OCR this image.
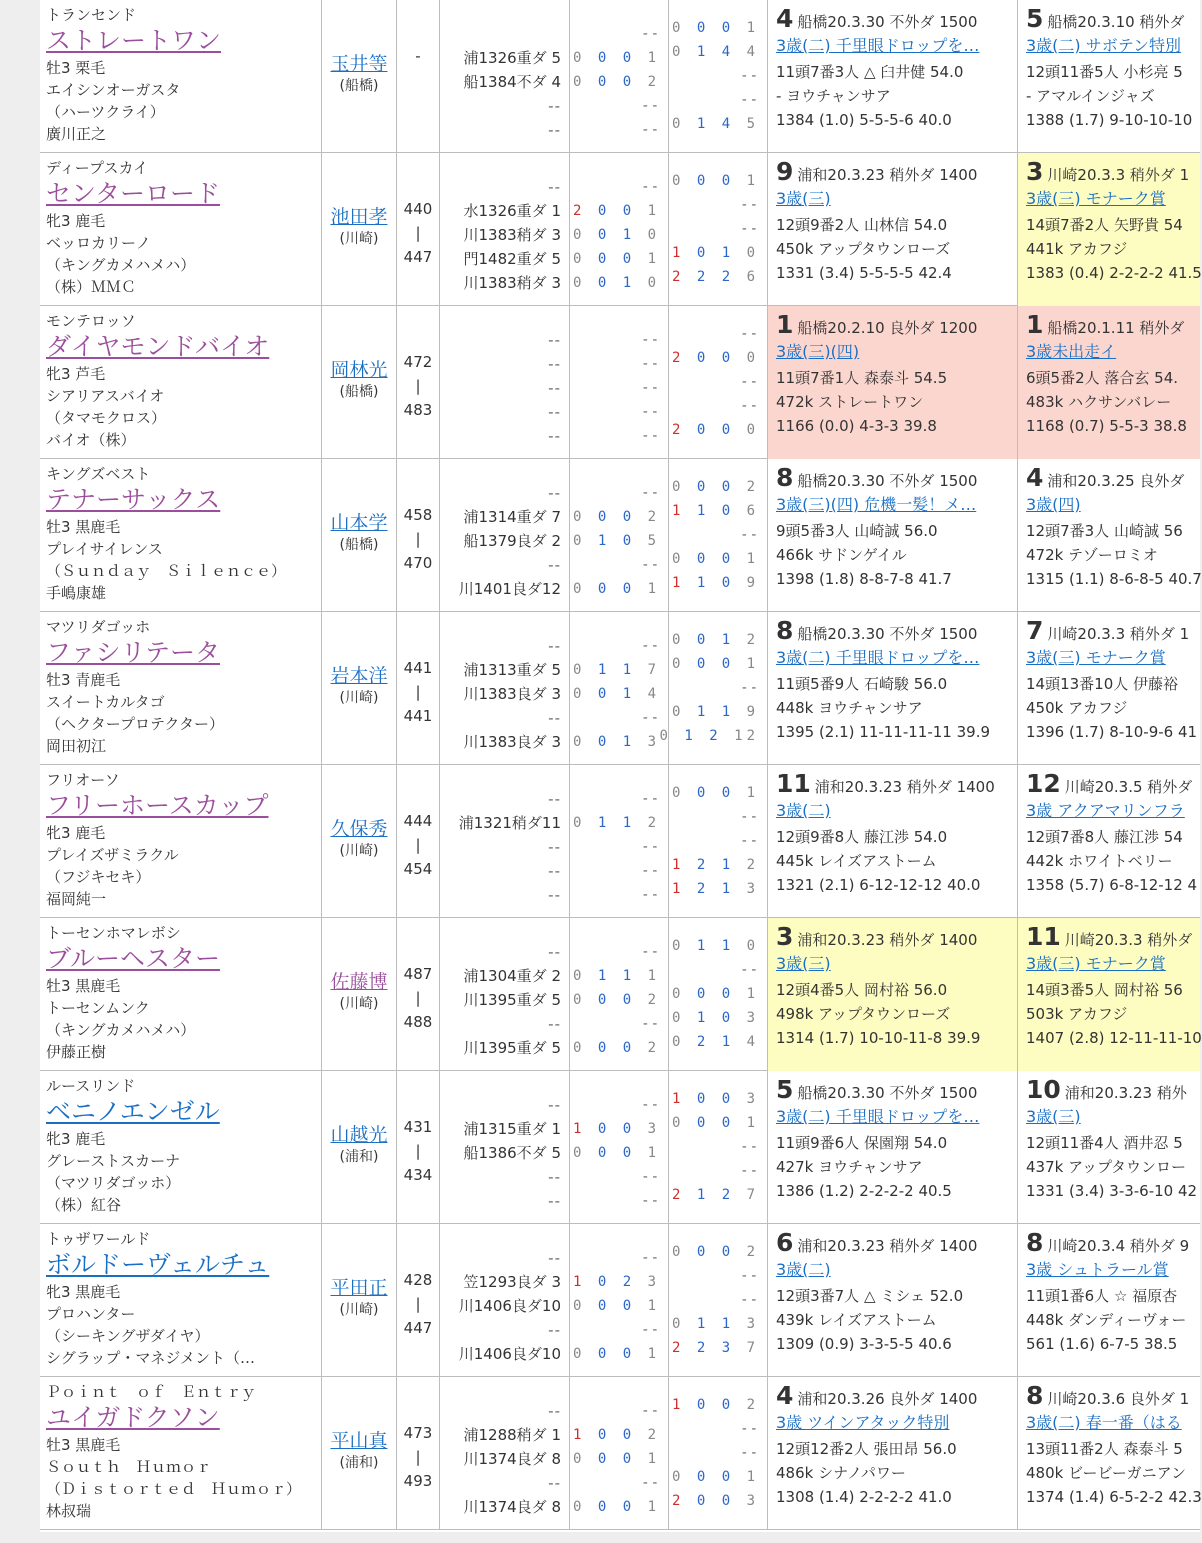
トランセンド
ストレートワン
牡3 栗毛
エイシンオーガスタ
（ハーツクライ）
廣川正之
玉井等
(船橋)
-	浦1326重ダ 5
船1384不ダ 4
--
--
--
0 0 0 1
0 0 0 2
--
--
0 0 0 1
0 1 4 4
--
--
0 1 4 5
4 船橋20.3.30 不外ダ 1500
3歳(二) 千里眼ドロップを…
11頭7番3人 △ 臼井健 54.0
- ヨウチャンサア
1384 (1.0) 5-5-5-6 40.0
5 船橋20.3.10 稍外ダ
3歳(二) サボテン特別
12頭11番5人 小杉亮 5
- アマルインジャズ
1388 (1.7) 9-10-10-10
ディープスカイ
センターロード
牝3 鹿毛
ベッロカリーノ
（キングカメハメハ）
（株）ＭＭＣ
池田孝
(川崎)
440
|
447
--
水1326重ダ 1
川1383稍ダ 3
門1482重ダ 5
川1383稍ダ 3
--
2 0 0 1
0 0 1 0
0 0 0 1
0 0 1 0
0 0 0 1
--
--
1 0 1 0
2 2 2 6
9 浦和20.3.23 稍外ダ 1400
3歳(三)
12頭9番2人 山林信 54.0
450k アップタウンローズ
1331 (3.4) 5-5-5-5 42.4
3 川崎20.3.3 稍外ダ 1
3歳(三) モナーク賞
14頭7番2人 矢野貴 54
441k アカフジ
1383 (0.4) 2-2-2-2 41.5
モンテロッソ
ダイヤモンドバイオ
牝3 芦毛
シアリアスバイオ
（タマモクロス）
バイオ（株）
岡林光
(船橋)
472
|
483
--
--
--
--
--
--
--
--
--
--
--
2 0 0 0
--
--
2 0 0 0
1 船橋20.2.10 良外ダ 1200
3歳(三)(四)
11頭7番1人 森泰斗 54.5
472k ストレートワン
1166 (0.0) 4-3-3 39.8
1 船橋20.1.11 稍外ダ
3歳未出走イ
6頭5番2人 落合玄 54.
483k ハクサンバレー
1168 (0.7) 5-5-3 38.8
キングズベスト
テナーサックス
牡3 黒鹿毛
プレイサイレンス
（Ｓｕｎｄａｙ　Ｓｉｌｅｎｃｅ）
手嶋康雄
山本学
(船橋)
458
|
470
--
浦1314重ダ 7
船1379良ダ 2
--
川1401良ダ12
--
0 0 0 2
0 1 0 5
--
0 0 0 1
0 0 0 2
1 1 0 6
--
0 0 0 1
1 1 0 9
8 船橋20.3.30 不外ダ 1500
3歳(三)(四) 危機一髪！メ…
9頭5番3人 山崎誠 56.0
466k サドンゲイル
1398 (1.8) 8-8-7-8 41.7
4 浦和20.3.25 良外ダ
3歳(四)
12頭7番3人 山崎誠 56
472k テゾーロミオ
1315 (1.1) 8-6-8-5 40.7
マツリダゴッホ
ファシリテータ
牡3 青鹿毛
スイートカルタゴ
（ヘクタープロテクター）
岡田初江
岩本洋
(川崎)
441
|
441
--
浦1313重ダ 5
川1383良ダ 3
--
川1383良ダ 3
--
0 1 1 7
0 0 1 4
--
0 0 1 3
0 0 1 2
0 0 0 1
--
0 1 1 9
0 1 2 12
8 船橋20.3.30 不外ダ 1500
3歳(二) 千里眼ドロップを…
11頭5番9人 石崎駿 56.0
448k ヨウチャンサア
1395 (2.1) 11-11-11-11 39.9
7 川崎20.3.3 稍外ダ 1
3歳(三) モナーク賞
14頭13番10人 伊藤裕
450k アカフジ
1396 (1.7) 8-10-9-6 41
フリオーソ
フリーホースカップ
牝3 鹿毛
プレイズザミラクル
（フジキセキ）
福岡純一
久保秀
(川崎)
444
|
454
--
浦1321稍ダ11
--
--
--
--
0 1 1 2
--
--
--
0 0 0 1
--
--
1 2 1 2
1 2 1 3
11 浦和20.3.23 稍外ダ 1400
3歳(二)
12頭9番8人 藤江渉 54.0
445k レイズアストーム
1321 (2.1) 6-12-12-12 40.0
12 川崎20.3.5 稍外ダ
3歳 アクアマリンフラ
12頭7番8人 藤江渉 54
442k ホワイトベリー
1358 (5.7) 6-8-12-12 4
トーセンホマレボシ
ブルーヘスター
牡3 黒鹿毛
トーセンムンク
（キングカメハメハ）
伊藤正樹
佐藤博
(川崎)
487
|
488
--
浦1304重ダ 2
川1395重ダ 5
--
川1395重ダ 5
--
0 1 1 1
0 0 0 2
--
0 0 0 2
0 1 1 0
--
0 0 0 1
0 1 0 3
0 2 1 4
3 浦和20.3.23 稍外ダ 1400
3歳(三)
12頭4番5人 岡村裕 56.0
498k アップタウンローズ
1314 (1.7) 10-10-11-8 39.9
11 川崎20.3.3 稍外ダ
3歳(三) モナーク賞
14頭3番5人 岡村裕 56
503k アカフジ
1407 (2.8) 12-11-11-10
ルースリンド
ベニノエンゼル
牝3 鹿毛
グレーストスカーナ
（マツリダゴッホ）
（株）紅谷
山越光
(浦和)
431
|
434
--
浦1315重ダ 1
船1386不ダ 5
--
--
--
1 0 0 3
0 0 0 1
--
--
1 0 0 3
0 0 0 1
--
--
2 1 2 7
5 船橋20.3.30 不外ダ 1500
3歳(二) 千里眼ドロップを…
11頭9番6人 保園翔 54.0
427k ヨウチャンサア
1386 (1.2) 2-2-2-2 40.5
10 浦和20.3.23 稍外
3歳(三)
12頭11番4人 酒井忍 5
437k アップタウンロー
1331 (3.4) 3-3-6-10 42
トゥザワールド
ボルドーヴェルチュ
牝3 黒鹿毛
プロハンター
（シーキングザダイヤ）
シグラップ・マネジメント（…
平田正
(川崎)
428
|
447
--
笠1293良ダ 3
川1406良ダ10
--
川1406良ダ10
--
1 0 2 3
0 0 0 1
--
0 0 0 1
0 0 0 2
--
--
0 1 1 3
2 2 3 7
6 浦和20.3.23 稍外ダ 1400
3歳(二)
12頭3番7人 △ ミシェ 52.0
439k レイズアストーム
1309 (0.9) 3-3-5-5 40.6
8 川崎20.3.4 稍外ダ 9
3歳 シュトラール賞
11頭1番6人 ☆ 福原杏
448k ダンディーヴォー
561 (1.6) 6-7-5 38.5
Ｐｏｉｎｔ　ｏｆ　Ｅｎｔｒｙ
ユイガドクソン
牡3 黒鹿毛
Ｓｏｕｔｈ　Ｈｕｍｏｒ
（Ｄｉｓｔｏｒｔｅｄ　Ｈｕｍｏｒ）
林叔瑞
平山真
(浦和)
473
|
493
--
浦1288稍ダ 1
川1374良ダ 8
--
川1374良ダ 8
--
1 0 0 2
0 0 0 1
--
0 0 0 1
1 0 0 2
--
--
0 0 0 1
2 0 0 3
4 浦和20.3.26 良外ダ 1400
3歳 ツインアタック特別
12頭12番2人 張田昂 56.0
486k シナノパワー
1308 (1.4) 2-2-2-2 41.0
8 川崎20.3.6 良外ダ 1
3歳(二) 春一番（はる
13頭11番2人 森泰斗 5
480k ビービーガニアン
1374 (1.4) 6-5-2-2 42.3
